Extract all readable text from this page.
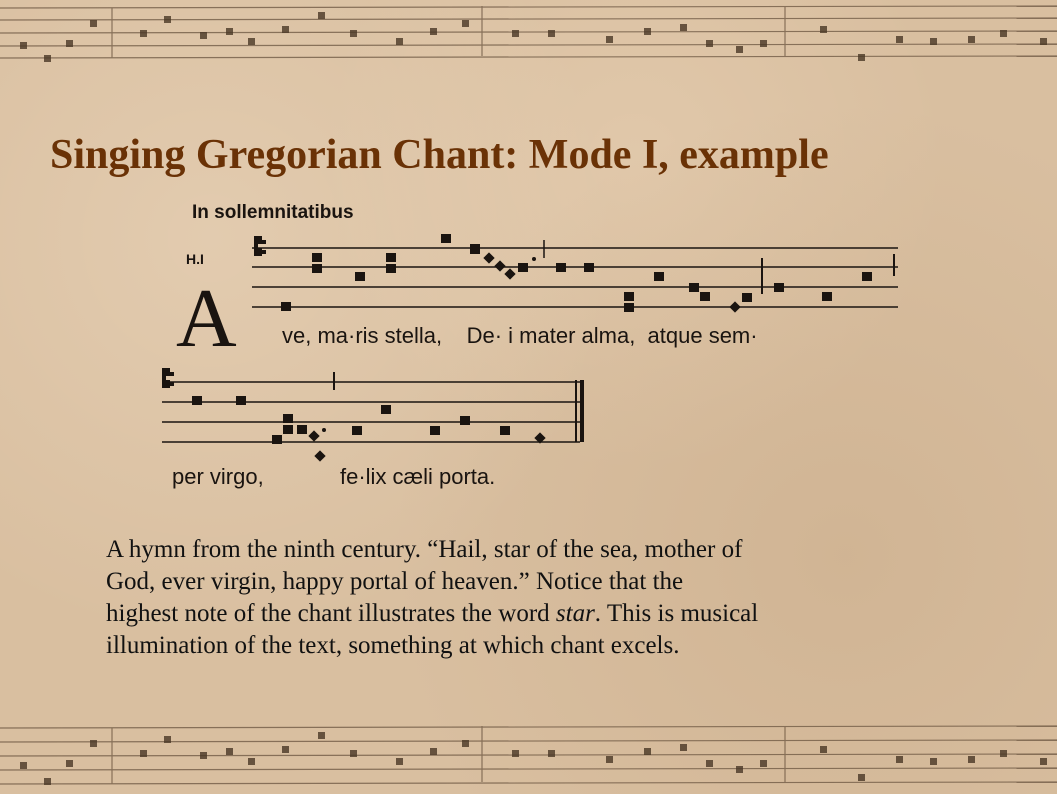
Singing Gregorian Chant: Mode I, example
In sollemnitatibus
H.I
A ve, ma·ris stella,    De· i mater alma,  atque sem·
per virgo,	fe·lix cæli porta.
A hymn from the ninth century. “Hail, star of the sea, mother of
God, ever virgin, happy portal of heaven.” Notice that the
highest note of the chant illustrates the word star. This is musical
illumination of the text, something at which chant excels.
